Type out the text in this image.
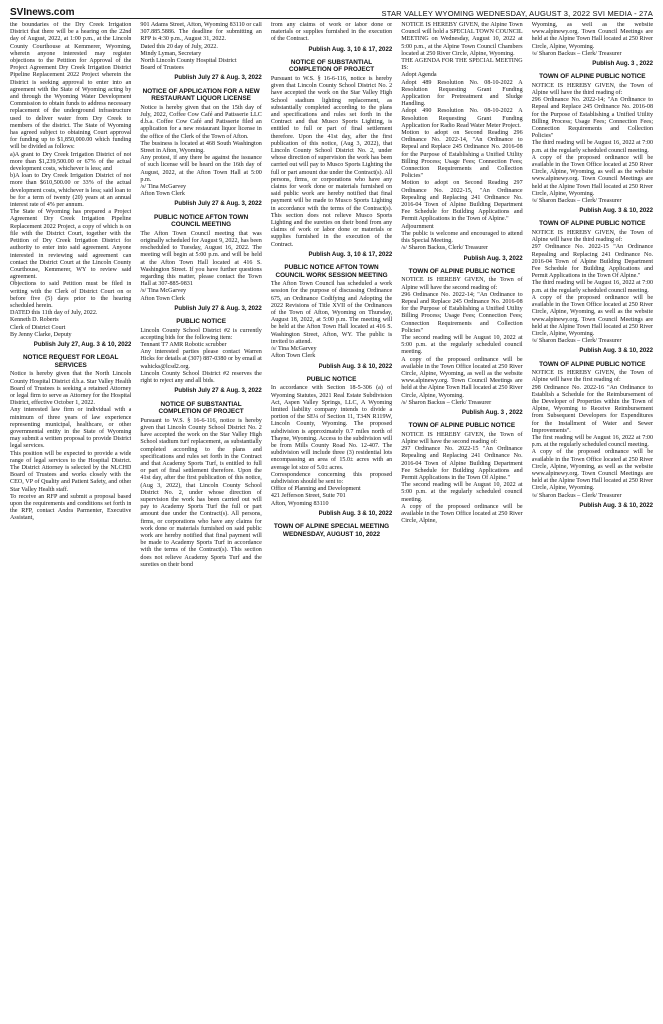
SVInews.com	STAR VALLEY WYOMING WEDNESDAY, AUGUST 3, 2022 SVI MEDIA - 27A

the boundaries of the Dry Creek Irrigation District that there will be a hearing on the 22nd day of August, 2022, at 1:00 p.m., at the Lincoln County Courthouse at Kemmerer, Wyoming, wherein anyone interested may register objections to the Petition for Approval of the Project Agreement Dry Creek Irrigation District Pipeline Replacement 2022 Project wherein the District is seeking approval to enter into an agreement with the State of Wyoming acting by and through the Wyoming Water Development Commission to obtain funds to address necessary replacement of the underground infrastructure used to deliver water from Dry Creek to members of the district. The State of Wyoming has agreed subject to obtaining Court approval for funding up to $1,850,000.00 which funding will be divided as follows:

a)A grant to Dry Creek Irrigation District of not more than $1,239,500.00 or 67% of the actual development costs, whichever is less; and

b)A loan to Dry Creek Irrigation District of not more than $610,500.00 or 33% of the actual development costs, whichever is less; said loan to be for a term of twenty (20) years at an annual interest rate of 4% per annum.

The State of Wyoming has prepared a Project Agreement Dry Creek Irrigation Pipeline Replacement 2022 Project, a copy of which is on file with the District Court, together with the Petition of Dry Creek Irrigation District for authority to enter into said agreement. Anyone interested in reviewing said agreement can contact the District Court at the Lincoln County Courthouse, Kemmerer, WY to review said agreement.

Objections to said Petition must be filed in writing with the Clerk of District Court on or before five (5) days prior to the hearing scheduled herein.

DATED this 11th day of July, 2022.

Kenneth D. Roberts

Clerk of District Court

By Jenny Clarke, Deputy

Publish July 27, Aug. 3 & 10, 2022
NOTICE REQUEST FOR LEGAL SERVICES

Notice is hereby given that the North Lincoln County Hospital District d.b.a. Star Valley Health Board of Trustees is seeking a retained Attorney or legal firm to serve as Attorney for the Hospital District, effective October 1, 2022.

Any interested law firm or individual with a minimum of three years of law experience representing municipal, healthcare, or other governmental entity in the State of Wyoming may submit a written proposal to provide District legal services.

This position will be expected to provide a wide range of legal services to the Hospital District. The District Attorney is selected by the NLCHD Board of Trustees and works closely with the CEO, VP of Quality and Patient Safety, and other Star Valley Health staff.

To receive an RFP and submit a proposal based upon the requirements and conditions set forth in the RFP, contact Andra Parmenter, Executive Assistant,

901 Adams Street, Afton, Wyoming 83110 or call 307.885.5886. The deadline for submitting an RFP is 4:30 p.m., August 31, 2022.

Dated this 20 day of July, 2022.

Mindy Lyman, Secretary

North Lincoln County Hospital District

Board of Trustees

Publish July 27 & Aug. 3, 2022
NOTICE OF APPLICATION FOR A NEW RESTAURANT LIQUOR LICENSE

Notice is hereby given that on the 15th day of July, 2022, Coffee Cow Café and Patisserie LLC d.b.a. Coffee Cow Café and Patisserie filed an application for a new restaurant liquor license in the office of the Clerk of the Town of Afton.

The business is located at 468 South Washington Street in Afton, Wyoming.

Any protest, if any there be against the issuance of such license will be heard on the 16th day of August, 2022, at the Afton Town Hall at 5:00 p.m.

/s/ Tina McGarvey

Afton Town Clerk

Publish July 27 & Aug. 3, 2022
PUBLIC NOTICE AFTON TOWN COUNCIL MEETING

The Afton Town Council meeting that was originally scheduled for August 9, 2022, has been rescheduled to Tuesday, August 16, 2022. The meeting will begin at 5:00 p.m. and will be held at the Afton Town Hall located at 416 S. Washington Street. If you have further questions regarding this matter, please contact the Town Hall at 307-885-9831

/s/ Tina McGarvey

Afton Town Clerk

Publish July 27 & Aug. 3, 2022
PUBLIC NOTICE

Lincoln County School District #2 is currently accepting bids for the following item:

Tennant T7 AMR Robotic scrubber

Any interested parties please contact Warren Hicks for details at (307) 887-0380 or by email at wahicks@lcsd2.org.

Lincoln County School District #2 reserves the right to reject any and all bids.

Publish July 27 & Aug. 3, 2022
NOTICE OF SUBSTANTIAL COMPLETION OF PROJECT

Pursuant to W.S. § 16-6-116, notice is hereby given that Lincoln County School District No. 2 have accepted the work on the Star Valley High School stadium turf replacement, as substantially completed according to the plans and specifications and rules set forth in the Contract and that Academy Sports Turf, is entitled to full or part of final settlement therefore. Upon the 41st day, after the first publication of this notice, (Aug 3, 2022), that Lincoln County School District No. 2, under whose direction of supervision the work has been carried out will pay to Academy Sports Turf the full or part amount due under the Contract(s). All persons, firms, or corporations who have any claims for work done or materials furnished on said public work are hereby notified that final payment will be made to Academy Sports Turf in accordance with the terms of the Contract(s). This section does not relieve Academy Sports Turf and the sureties on their bond

from any claims of work or labor done or materials or supplies furnished in the execution of the Contract.

Publish Aug. 3, 10 & 17, 2022
NOTICE OF SUBSTANTIAL COMPLETION OF PROJECT

Pursuant to W.S. § 16-6-116, notice is hereby given that Lincoln County School District No. 2 have accepted the work on the Star Valley High School stadium lighting replacement, as substantially completed according to the plans and specifications and rules set forth in the Contract and that Musco Sports Lighting, is entitled to full or part of final settlement therefore. Upon the 41st day, after the first publication of this notice, (Aug 3, 2022), that Lincoln County School District No. 2, under whose direction of supervision the work has been carried out will pay to Musco Sports Lighting the full or part amount due under the Contract(s). All persons, firms, or corporations who have any claims for work done or materials furnished on said public work are hereby notified that final payment will be made to Musco Sports Lighting in accordance with the terms of the Contract(s). This section does not relieve Musco Sports Lighting and the sureties on their bond from any claims of work or labor done or materials or supplies furnished in the execution of the Contract.

Publish Aug. 3, 10 & 17, 2022
PUBLIC NOTICE AFTON TOWN COUNCIL WORK SESSION MEETING

The Afton Town Council has scheduled a work session for the purpose of discussing Ordinance 675, an Ordinance Codifying and Adopting the 2022 Revisions of Title XVII of the Ordinances of the Town of Afton, Wyoming on Thursday, August 18, 2022, at 5:00 p.m. The meeting will be held at the Afton Town Hall located at 416 S. Washington Street, Afton, WY. The public is invited to attend.

/s/ Tina McGarvey

Afton Town Clerk

Publish Aug. 3 & 10, 2022
PUBLIC NOTICE

In accordance with Section 18-5-306 (a) of Wyoming Statutes, 2021 Real Estate Subdivision Act, Aspen Valley Springs, LLC, A Wyoming limited liability company intends to divide a portion of the SE¼ of Section 11, T34N R119W, Lincoln County, Wyoming. The proposed subdivision is approximately 0.7 miles north of Thayne, Wyoming. Access to the subdivision will be from Mills County Road No. 12-407. The subdivision will include three (3) residential lots encompassing an area of 15.0± acres with an average lot size of 5.0± acres.

Correspondence concerning this proposed subdivision should be sent to:

Office of Planning and Development

421 Jefferson Street, Suite 701

Afton, Wyoming 83110

Publish Aug. 3 & 10, 2022
TOWN OF ALPINE SPECIAL MEETING WEDNESDAY, AUGUST 10, 2022

NOTICE IS HEREBY GIVEN, the Alpine Town Council will hold a SPECIAL TOWN COUNCIL MEETING on Wednesday, August 10, 2022 at 5:00 p.m., at the Alpine Town Council Chambers located at 250 River Circle, Alpine, Wyoming.

THE AGENDA FOR THE SPECIAL MEETING IS:

Adopt Agenda

Adopt 489 Resolution No. 08-10-2022 A Resolution Requesting Grant Funding Application for Pretreatment and Sludge Handling.

Adopt 490 Resolution No. 08-10-2022 A Resolution Requesting Grant Funding Application for Radio Read Water Meter Project.

Motion to adopt on Second Reading 296 Ordinance No. 2022-14, "An Ordinance to Repeal and Replace 245 Ordinance No. 2016-08 for the Purpose of Establishing a Unified Utility Billing Process; Usage Fees; Connection Fees; Connection Requirements and Collection Policies"

Motion to adopt on Second Reading 297 Ordinance No. 2022-15, "An Ordinance Repealing and Replacing 241 Ordinance No. 2016-04 Town of Alpine Building Department Fee Schedule for Building Applications and Permit Applications in the Town of Alpine."

Adjournment

The public is welcome and encouraged to attend this Special Meeting.

/s/ Sharon Backus, Clerk/ Treasurer

Publish Aug. 3, 2022
TOWN OF ALPINE PUBLIC NOTICE

NOTICE IS HEREBY GIVEN, the Town of Alpine will have the second reading of:

296 Ordinance No. 2022-14; "An Ordinance to Repeal and Replace 245 Ordinance No. 2016-08 for the Purpose of Establishing a Unified Utility Billing Process; Usage Fees; Connection Fees; Connection Requirements and Collection Policies"

The second reading will be August 10, 2022 at 5:00 p.m. at the regularly scheduled council meeting.

A copy of the proposed ordinance will be available in the Town Office located at 250 River Circle, Alpine, Wyoming, as well as the website www.alpinewy.org. Town Council Meetings are held at the Alpine Town Hall located at 250 River Circle, Alpine, Wyoming.

/s/ Sharon Backus – Clerk/ Treasurer

Publish Aug. 3 , 2022
TOWN OF ALPINE PUBLIC NOTICE

NOTICE IS HEREBY GIVEN, the Town of Alpine will have the second reading of:

297 Ordinance No. 2022-15 "An Ordinance Repealing and Replacing 241 Ordinance No. 2016-04 Town of Alpine Building Department Fee Schedule for Building Applications and Permit Applications in the Town Of Alpine."

The second reading will be August 10, 2022 at 5:00 p.m. at the regularly scheduled council meeting.

A copy of the proposed ordinance will be available in the Town Office located at 250 River Circle, Alpine,

Wyoming, as well as the website www.alpinewy.org. Town Council Meetings are held at the Alpine Town Hall located at 250 River Circle, Alpine, Wyoming.

/s/ Sharon Backus – Clerk/ Treasurer

Publish Aug. 3 , 2022
TOWN OF ALPINE PUBLIC NOTICE

NOTICE IS HEREBY GIVEN, the Town of Alpine will have the third reading of:

296 Ordinance No. 2022-14; "An Ordinance to Repeal and Replace 245 Ordinance No. 2016-08 for the Purpose of Establishing a Unified Utility Billing Process; Usage Fees; Connection Fees; Connection Requirements and Collection Policies"

The third reading will be August 16, 2022 at 7:00 p.m. at the regularly scheduled council meeting.

A copy of the proposed ordinance will be available in the Town Office located at 250 River Circle, Alpine, Wyoming, as well as the website www.alpinewy.org. Town Council Meetings are held at the Alpine Town Hall located at 250 River Circle, Alpine, Wyoming.

/s/ Sharon Backus – Clerk/ Treasurer

Publish Aug. 3 & 10, 2022
TOWN OF ALPINE PUBLIC NOTICE

NOTICE IS HEREBY GIVEN, the Town of Alpine will have the third reading of:

297 Ordinance No. 2022-15 "An Ordinance Repealing and Replacing 241 Ordinance No. 2016-04 Town of Alpine Building Department Fee Schedule for Building Applications and Permit Applications in the Town Of Alpine."

The third reading will be August 16, 2022 at 7:00 p.m. at the regularly scheduled council meeting.

A copy of the proposed ordinance will be available in the Town Office located at 250 River Circle, Alpine, Wyoming, as well as the website www.alpinewy.org. Town Council Meetings are held at the Alpine Town Hall located at 250 River Circle, Alpine, Wyoming.

/s/ Sharon Backus – Clerk/ Treasurer

Publish Aug. 3 & 10, 2022
TOWN OF ALPINE PUBLIC NOTICE

NOTICE IS HEREBY GIVEN, the Town of Alpine will have the first reading of:

298 Ordinance No. 2022-16 "An Ordinance to Establish a Schedule for the Reimbursement of the Developer of Properties within the Town of Alpine, Wyoming to Receive Reimbursement from Subsequent Developers for Expenditures for the Installment of Water and Sewer Improvements".

The first reading will be August 16, 2022 at 7:00 p.m. at the regularly scheduled council meeting.

A copy of the proposed ordinance will be available in the Town Office located at 250 River Circle, Alpine, Wyoming, as well as the website www.alpinewy.org. Town Council Meetings are held at the Alpine Town Hall located at 250 River Circle, Alpine, Wyoming.

/s/ Sharon Backus – Clerk/ Treasurer

Publish Aug. 3 & 10, 2022
